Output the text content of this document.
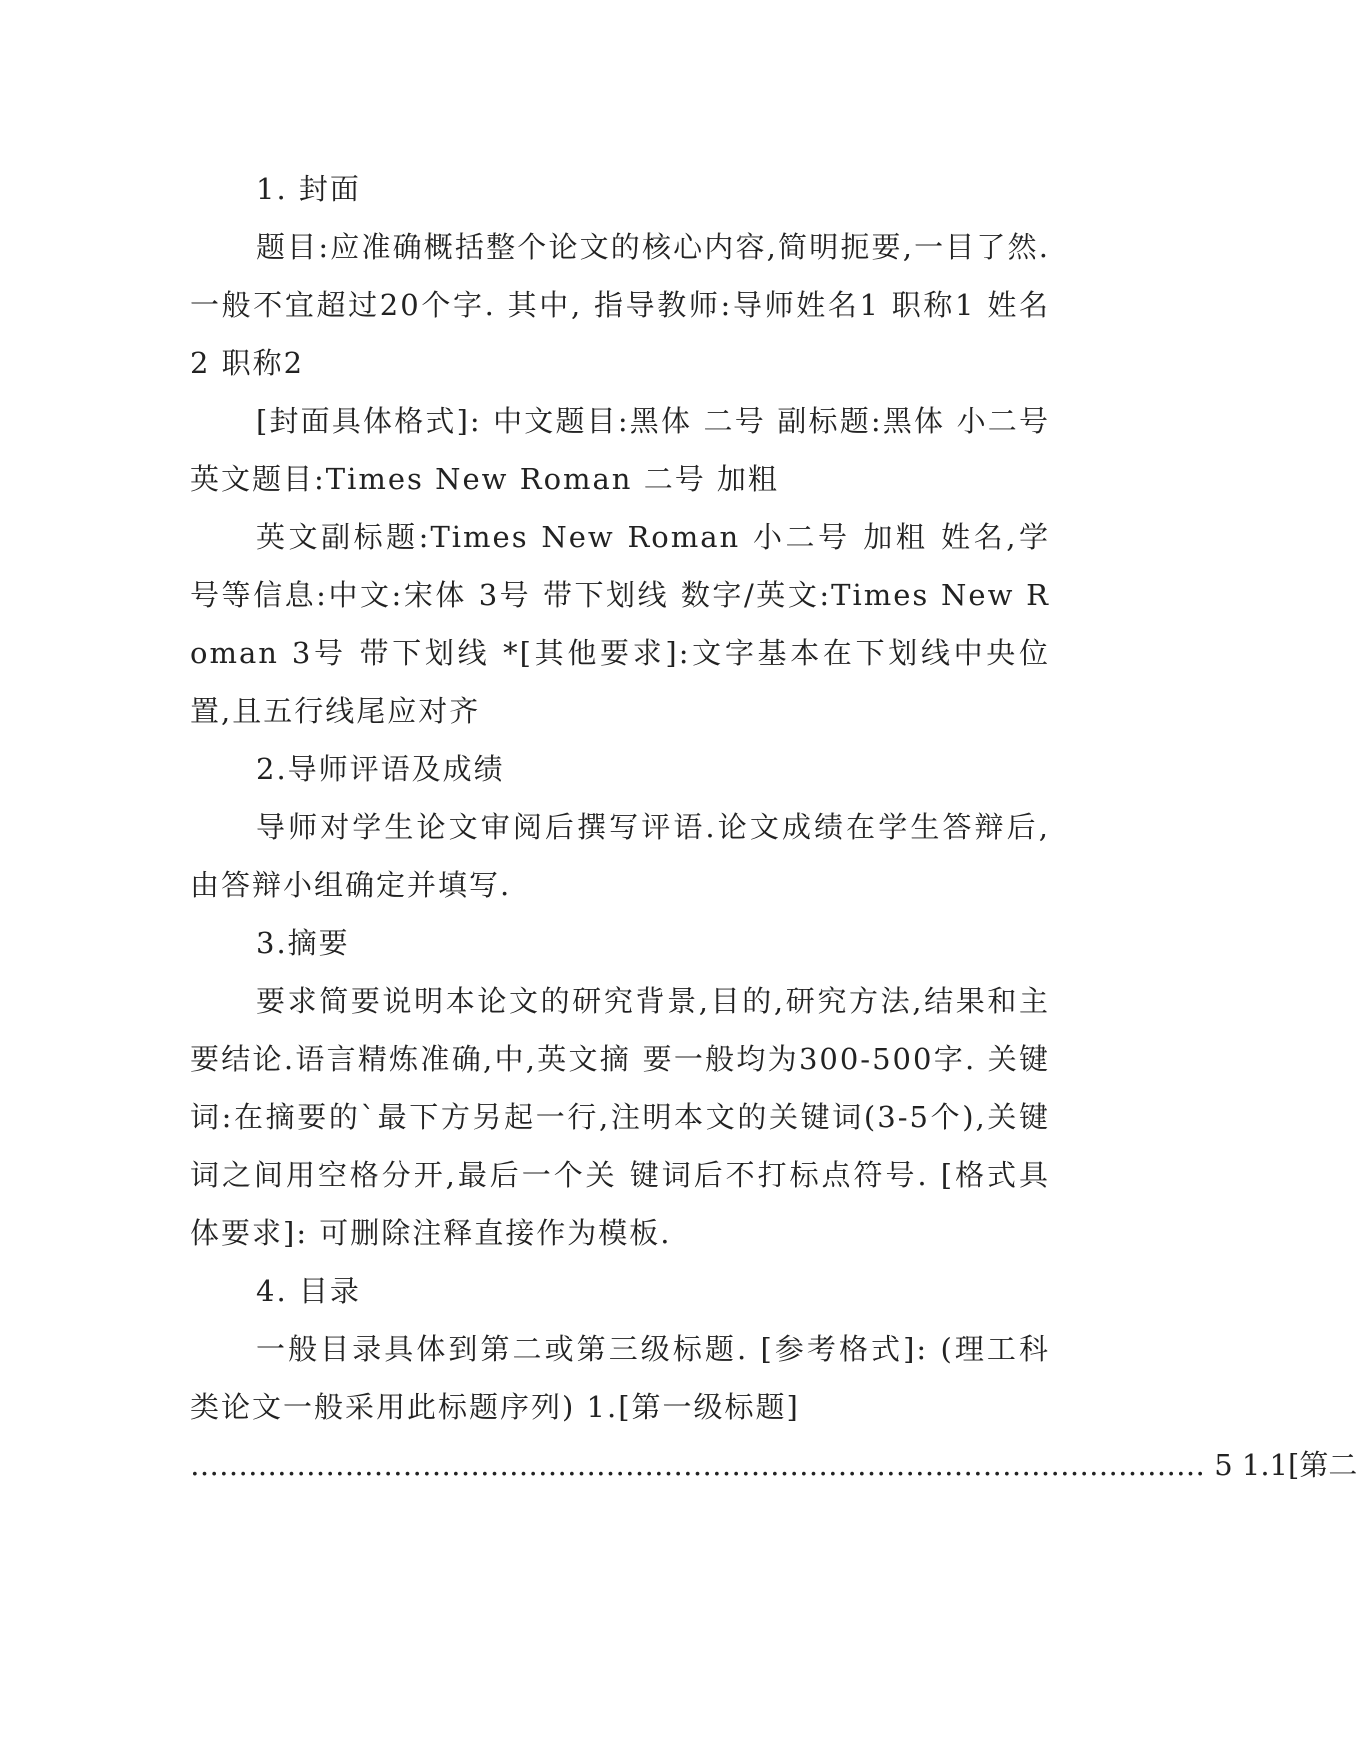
1. 封面

题目:应准确概括整个论文的核心内容,简明扼要,一目了然.一般不宜超过20个字. 其中, 指导教师:导师姓名1 职称1 姓名2 职称2

[封面具体格式]: 中文题目:黑体 二号 副标题:黑体 小二号 英文题目:Times New Roman 二号 加粗

英文副标题:Times New Roman 小二号 加粗 姓名,学号等信息:中文:宋体 3号 带下划线 数字/英文:Times New Roman 3号 带下划线 *[其他要求]:文字基本在下划线中央位置,且五行线尾应对齐

2.导师评语及成绩

导师对学生论文审阅后撰写评语.论文成绩在学生答辩后,由答辩小组确定并填写.

3.摘要

要求简要说明本论文的研究背景,目的,研究方法,结果和主要结论.语言精炼准确,中,英文摘 要一般均为300-500字. 关键词:在摘要的`最下方另起一行,注明本文的关键词(3-5个),关键词之间用空格分开,最后一个关 键词后不打标点符号. [格式具体要求]: 可删除注释直接作为模板.

4. 目录

一般目录具体到第二或第三级标题. [参考格式]: (理工科类论文一般采用此标题序列) 1.[第一级标题]

…………………………………………………………………………………………… 5 1.1[第二
